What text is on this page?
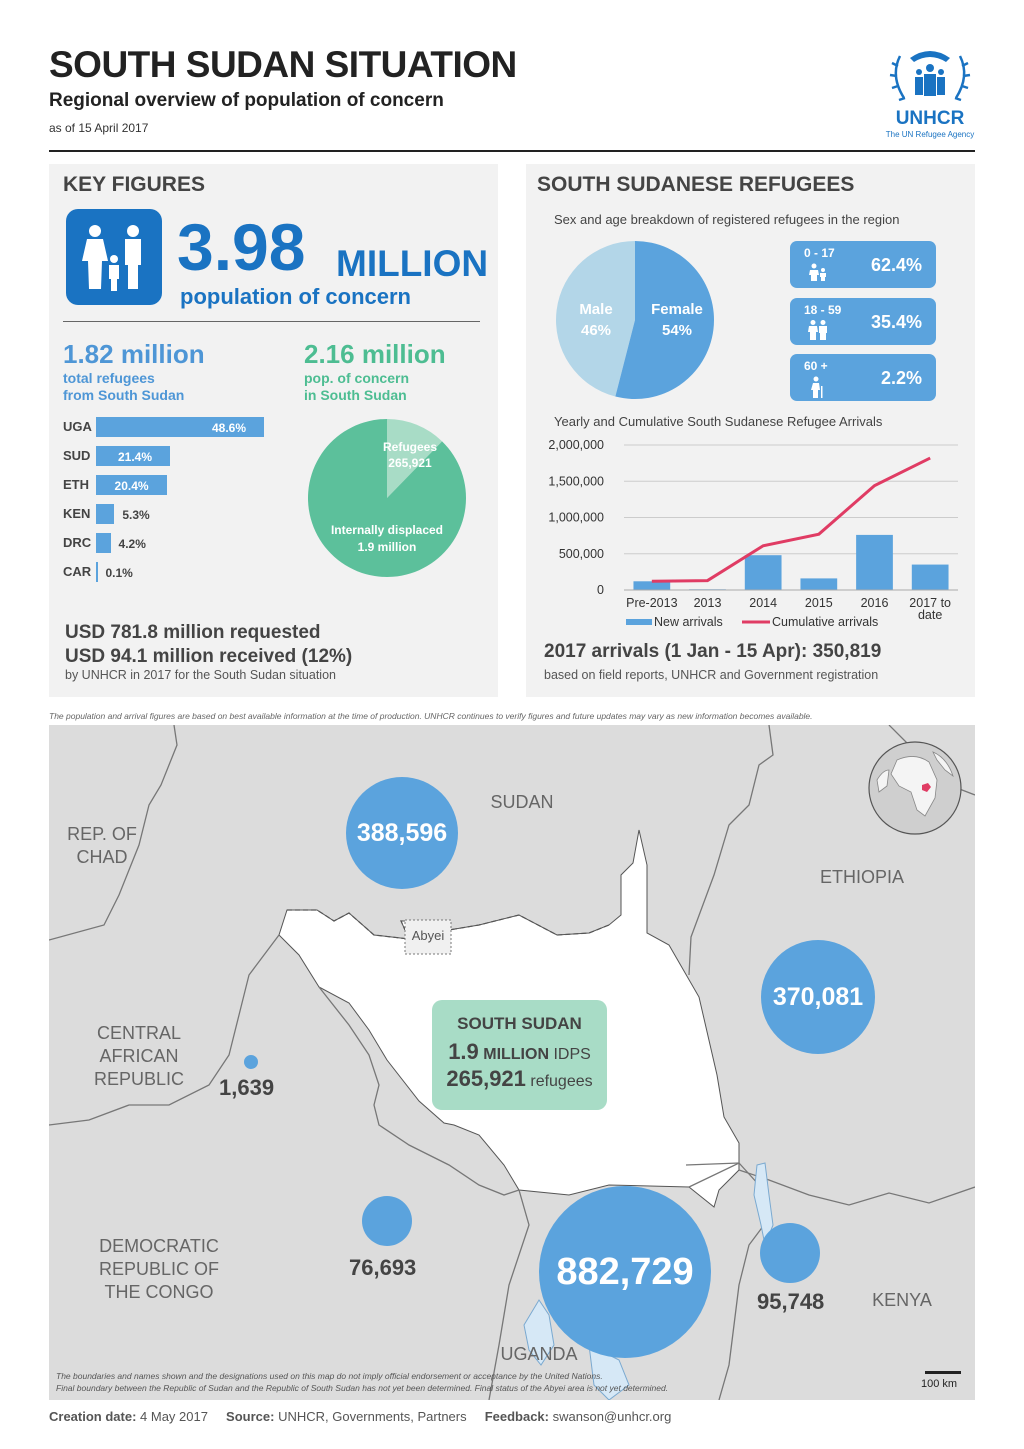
SOUTH SUDAN SITUATION
Regional overview of population of concern
as of 15 April 2017	UNHCR
The UN Refugee Agency
KEY FIGURES
3.98 MILLION
population of concern
1.82 million
total refugees
from South Sudan
2.16 million
pop. of concern
in South Sudan
UGA	48.6%
SUD 21.4%
ETH 20.4%
KEN	5.3%
DRC 4.2%
CAR 0.1%
Refugees
265,921
Internally displaced
1.9 million
USD 781.8 million requested
USD 94.1 million received (12%)
by UNHCR in 2017 for the South Sudan situation
SOUTH SUDANESE REFUGEES
Sex and age breakdown of registered refugees in the region
Male
46%
Female
54%
0 - 17
62.4%
18 - 59
35.4%
60 +
2.2%
Yearly and Cumulative South Sudanese Refugee Arrivals
2,000,000
1,500,000
1,000,000
500,000
0
Pre-2013 2013 2014 2015 2016 2017 to
date
New arrivals	Cumulative arrivals
2017 arrivals (1 Jan - 15 Apr): 350,819
based on field reports, UNHCR and Government registration
The population and arrival figures are based on best available information at the time of production. UNHCR continues to verify figures and future updates may vary as new information becomes available.
REP. OF
CHAD
SUDAN
ETHIOPIA
CENTRAL
AFRICAN
REPUBLIC
DEMOCRATIC
REPUBLIC OF
THE CONGO	KENYA
UGANDA
Abyei
388,596
370,081
1,639
76,693	882,729
95,748
SOUTH SUDAN
1.9 MILLION IDPS
265,921 refugees
100 km
The boundaries and names shown and the designations used on this map do not imply official endorsement or acceptance by the United Nations.
Final boundary between the Republic of Sudan and the Republic of South Sudan has not yet been determined. Final status of the Abyei area is not yet determined.
Creation date: 4 May 2017 Source: UNHCR, Governments, Partners Feedback: swanson@unhcr.org
